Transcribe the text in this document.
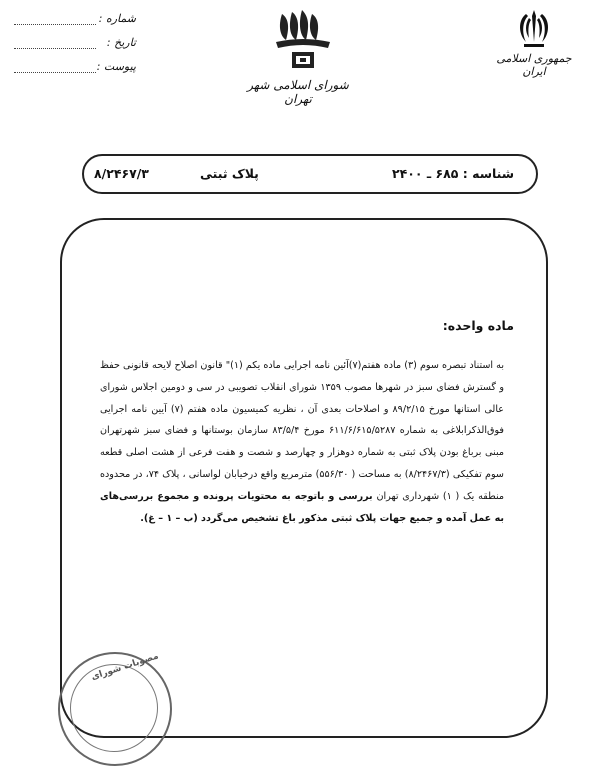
شماره :
تاریخ :
پیوست :
شورای اسلامی شهر تهران
جمهوری اسلامی ایران
۸/۲۴۶۷/۳	پلاک ثبتی	شناسه : ۶۸۵ ـ ۲۴۰۰
ماده واحده:
به استناد تبصره سوم (۳) ماده هفتم(۷)آئین نامه اجرایی ماده یکم (۱)" قانون اصلاح لایحه قانونی حفظ و گسترش فضای سبز در شهرها مصوب ۱۳۵۹ شورای انقلاب تصویبی در سی و دومین اجلاس شورای عالی استانها مورخ ۸۹/۲/۱۵ و اصلاحات بعدی آن ، نظریه کمیسیون ماده هفتم (۷) آیین نامه اجرایی فوق‌الذکرابلاغی به شماره ۶۱۱/۶/۶۱۵/۵۲۸۷ مورخ ۸۳/۵/۴ سازمان بوستانها و فضای سبز شهرتهران مبنی برباغ بودن پلاک ثبتی به شماره دوهزار و چهارصد و شصت و هفت فرعی از هشت اصلی قطعه سوم تفکیکی (۸/۲۴۶۷/۳) به مساحت ( ۵۵۶/۳۰) مترمربع واقع درخیابان لواسانی ، پلاک ۷۴، در محدوده منطقه یک ( ۱) شهرداری تهران بررسی و باتوجه به محتویات پرونده و مجموع بررسی‌های به عمل آمده و جمیع جهات پلاک ثبتی مذکور باغ تشخیص می‌گردد (ب – ۱ – غ).
مصوبات شورای
